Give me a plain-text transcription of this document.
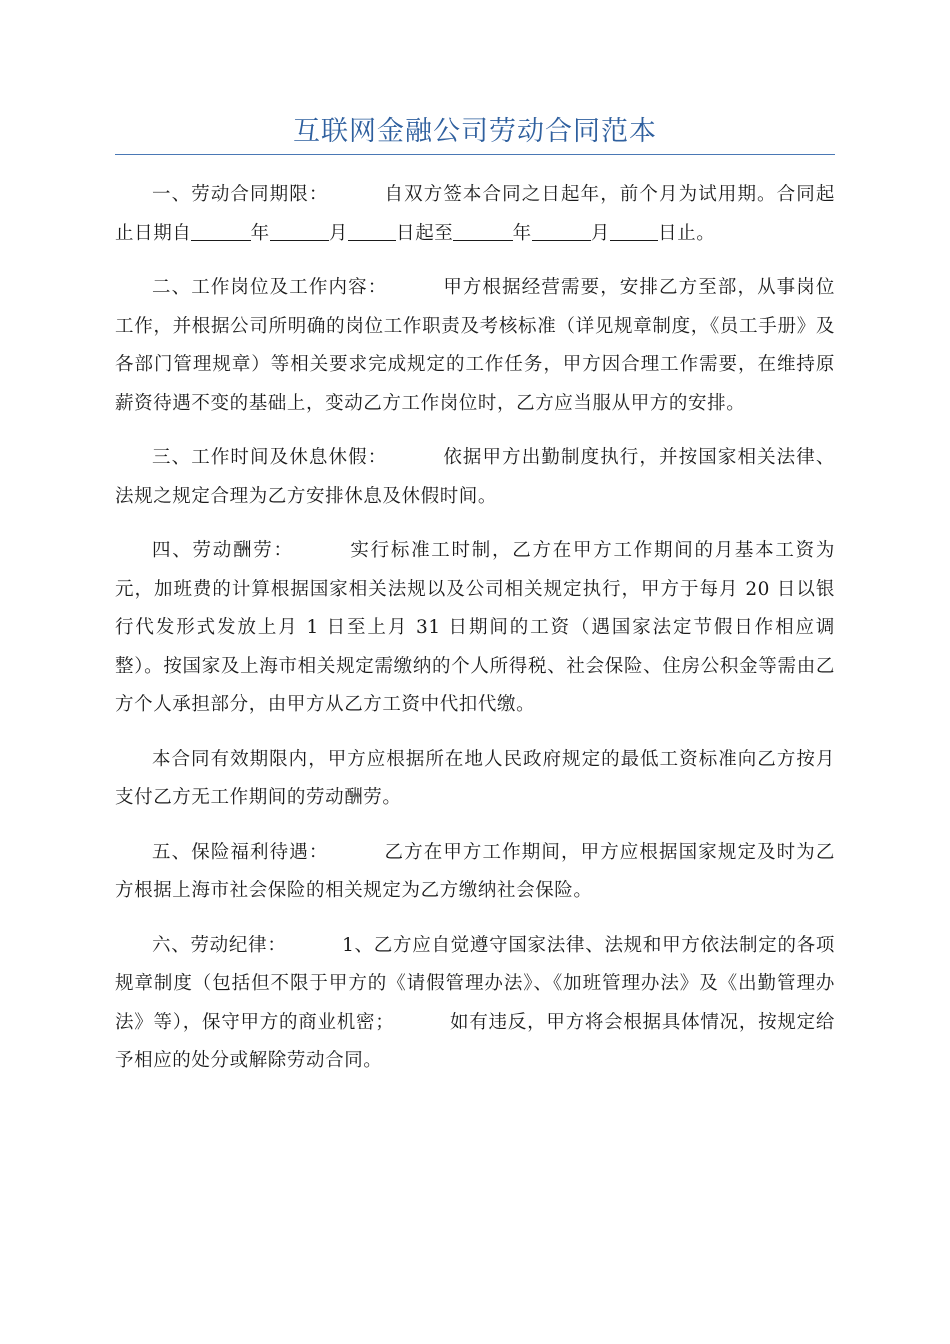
互联网金融公司劳动合同范本

一、劳动合同期限：	自双方签本合同之日起年，前个月为试用期。合同起止日期自	年	月	日起至	年	月	日止。

二、工作岗位及工作内容：	甲方根据经营需要，安排乙方至部，从事岗位工作，并根据公司所明确的岗位工作职责及考核标准（详见规章制度，《员工手册》及各部门管理规章）等相关要求完成规定的工作任务，甲方因合理工作需要，在维持原薪资待遇不变的基础上，变动乙方工作岗位时，乙方应当服从甲方的安排。

三、工作时间及休息休假：	依据甲方出勤制度执行，并按国家相关法律、法规之规定合理为乙方安排休息及休假时间。

四、劳动酬劳：	实行标准工时制，乙方在甲方工作期间的月基本工资为元，加班费的计算根据国家相关法规以及公司相关规定执行，甲方于每月 20 日以银行代发形式发放上月 1 日至上月 31 日期间的工资（遇国家法定节假日作相应调整）。按国家及上海市相关规定需缴纳的个人所得税、社会保险、住房公积金等需由乙方个人承担部分，由甲方从乙方工资中代扣代缴。

本合同有效期限内，甲方应根据所在地人民政府规定的最低工资标准向乙方按月支付乙方无工作期间的劳动酬劳。

五、保险福利待遇：	乙方在甲方工作期间，甲方应根据国家规定及时为乙方根据上海市社会保险的相关规定为乙方缴纳社会保险。

六、劳动纪律：	1、乙方应自觉遵守国家法律、法规和甲方依法制定的各项规章制度（包括但不限于甲方的《请假管理办法》、《加班管理办法》及《出勤管理办法》等），保守甲方的商业机密；	如有违反，甲方将会根据具体情况，按规定给予相应的处分或解除劳动合同。
